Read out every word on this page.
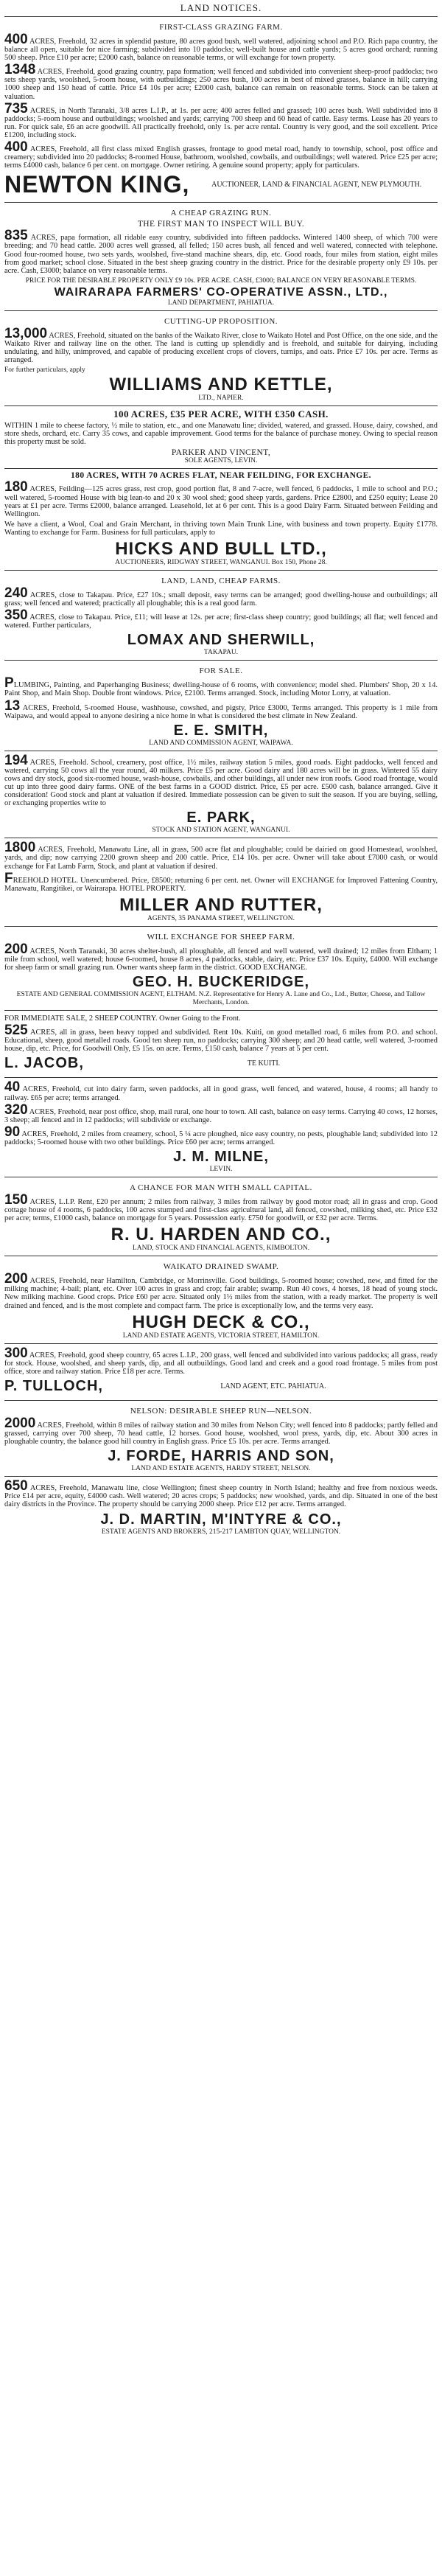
LAND NOTICES.
FIRST-CLASS GRAZING FARM.

400 ACRES, Freehold, 32 acres in splendid pasture, 80 acres good bush, well watered, adjoining school and P.O. Rich papa country, the balance all open, suitable for nice farming; subdivided into 10 paddocks; well-built house and cattle yards; 5 acres good orchard; running 500 sheep. Price £10 per acre; £2000 cash, balance on reasonable terms, or will exchange for town property.

1348 ACRES, Freehold, good grazing country, papa formation; well fenced and subdivided into convenient sheep-proof paddocks; two sets sheep yards, woolshed, 5-room house, with outbuildings; 250 acres bush, 100 acres in best of mixed grasses, balance in hill; carrying 1000 sheep and 150 head of cattle. Price £4 10s per acre; £2000 cash, balance can remain on reasonable terms. Stock can be taken at valuation.

735 ACRES, in North Taranaki, 3/8 acres L.I.P., at 1s. per acre; 400 acres felled and grassed; 100 acres bush. Well subdivided into 8 paddocks; 5-room house and outbuildings; woolshed and yards; carrying 700 sheep and 60 head of cattle. Easy terms. Lease has 20 years to run. For quick sale, £6 an acre goodwill. All practically freehold, only 1s. per acre rental. Country is very good, and the soil excellent. Price £1200, including stock.

400 ACRES, Freehold, all first class mixed English grasses, frontage to good metal road, handy to township, school, post office and creamery; subdivided into 20 paddocks; 8-roomed House, bathroom, woolshed, cowbails, and outbuildings; well watered. Price £25 per acre; terms £4000 cash, balance 6 per cent. on mortgage. Owner retiring. A genuine sound property; apply for particulars.

NEWTON KING,	AUCTIONEER, LAND & FINANCIAL AGENT, NEW PLYMOUTH.
A CHEAP GRAZING RUN.
THE FIRST MAN TO INSPECT WILL BUY.

835 ACRES, papa formation, all ridable easy country, subdivided into fifteen paddocks. Wintered 1400 sheep, of which 700 were breeding; and 70 head cattle. 2000 acres well grassed, all felled; 150 acres bush, all fenced and well watered, connected with telephone. Good four-roomed house, two sets yards, woolshed, five-stand machine shears, dip, etc. Good roads, four miles from station, eight miles from good market; school close. Situated in the best sheep grazing country in the district. Price for the desirable property only £9 10s. per acre. Cash, £3000; balance on very reasonable terms.

PRICE FOR THE DESIRABLE PROPERTY ONLY £9 10s. PER ACRE. CASH, £3000; BALANCE ON VERY REASONABLE TERMS.
WAIRARAPA FARMERS' CO-OPERATIVE ASSN., LTD.,
LAND DEPARTMENT, PAHIATUA.
CUTTING-UP PROPOSITION.

13,000 ACRES, Freehold, situated on the banks of the Waikato River, close to Waikato Hotel and Post Office, on the one side, and the Waikato River and railway line on the other. The land is cutting up splendidly and is freehold, and suitable for dairying, including undulating, and hilly, unimproved, and capable of producing excellent crops of clovers, turnips, and oats. Price £7 10s. per acre. Terms as arranged.

For further particulars, apply
WILLIAMS AND KETTLE,
LTD., NAPIER.
100 ACRES, £35 PER ACRE, WITH £350 CASH.

WITHIN 1 mile to cheese factory, ½ mile to station, etc., and one Manawatu line; divided, watered, and grassed. House, dairy, cowshed, and store sheds, orchard, etc. Carry 35 cows, and capable improvement. Good terms for the balance of purchase money. Owing to special reason this property must be sold.

PARKER AND VINCENT,
SOLE AGENTS, LEVIN.
180 ACRES, WITH 70 ACRES FLAT, NEAR FEILDING, FOR EXCHANGE.

180 ACRES, Feilding—125 acres grass, rest crop, good portion flat, 8 and 7-acre, well fenced, 6 paddocks, 1 mile to school and P.O.; well watered, 5-roomed House with big lean-to and 20 x 30 wool shed; good sheep yards, gardens. Price £2800, and £250 equity; Lease 20 years at £1 per acre. Terms £2000, balance arranged. Leasehold, let at 6 per cent. This is a good Dairy Farm. Situated between Feilding and Wellington.

We have a client, a Wool, Coal and Grain Merchant, in thriving town Main Trunk Line, with business and town property. Equity £1778. Wanting to exchange for Farm. Business for full particulars, apply to

HICKS AND BULL LTD.,
AUCTIONEERS, RIDGWAY STREET, WANGANUI. Box 150, Phone 28.
LAND, LAND, CHEAP FARMS.

240 ACRES, close to Takapau. Price, £27 10s.; small deposit, easy terms can be arranged; good dwelling-house and outbuildings; all grass; well fenced and watered; practically all ploughable; this is a real good farm.

350 ACRES, close to Takapau. Price, £11; will lease at 12s. per acre; first-class sheep country; good buildings; all flat; well fenced and watered. Further particulars,

LOMAX AND SHERWILL,
TAKAPAU.
FOR SALE.

PLUMBING, Painting, and Paperhanging Business; dwelling-house of 6 rooms, with convenience; model shed. Plumbers' Shop, 20 x 14. Paint Shop, and Main Shop. Double front windows. Price, £2100. Terms arranged. Stock, including Motor Lorry, at valuation.

13 ACRES, Freehold, 5-roomed House, washhouse, cowshed, and pigsty, Price £3000, Terms arranged. This property is 1 mile from Waipawa, and would appeal to anyone desiring a nice home in what is considered the best climate in New Zealand.

E. E. SMITH,
LAND AND COMMISSION AGENT, WAIPAWA.

194 ACRES, Freehold. School, creamery, post office, 1½ miles, railway station 5 miles, good roads. Eight paddocks, well fenced and watered, carrying 50 cows all the year round, 40 milkers. Price £5 per acre. Good dairy and 180 acres will be in grass. Wintered 55 dairy cows and dry stock, good six-roomed house, wash-house, cowbails, and other buildings, all under new iron roofs. Good road frontage, would cut up into three good dairy farms. ONE of the best farms in a GOOD district. Price, £5 per acre. £500 cash, balance arranged. Give it consideration! Good stock and plant at valuation if desired. Immediate possession can be given to suit the season. If you are buying, selling, or exchanging properties write to

E. PARK,
STOCK AND STATION AGENT, WANGANUI.

1800 ACRES, Freehold, Manawatu Line, all in grass, 500 acre flat and ploughable; could be dairied on good Homestead, woolshed, yards, and dip; now carrying 2200 grown sheep and 200 cattle. Price, £14 10s. per acre. Owner will take about £7000 cash, or would exchange for Fat Lamb Farm, Stock, and plant at valuation if desired.

FREEHOLD HOTEL. Unencumbered. Price, £8500; returning 6 per cent. net. Owner will EXCHANGE for Improved Fattening Country, Manawatu, Rangitikei, or Wairarapa. HOTEL PROPERTY.

MILLER AND RUTTER,
AGENTS, 35 PANAMA STREET, WELLINGTON.
WILL EXCHANGE FOR SHEEP FARM.

200 ACRES, North Taranaki, 30 acres shelter-bush, all ploughable, all fenced and well watered, well drained; 12 miles from Eltham; 1 mile from school, well watered; house 6-roomed, house 8 acres, 4 paddocks, stable, dairy, etc. Price £37 10s. Equity, £4000. Will exchange for sheep farm or small grazing run. Owner wants sheep farm in the district. GOOD EXCHANGE.

GEO. H. BUCKERIDGE,
ESTATE AND GENERAL COMMISSION AGENT, ELTHAM. N.Z. Representative for Henry A. Lane and Co., Ltd., Butter, Cheese, and Tallow Merchants, London.

FOR IMMEDIATE SALE, 2 SHEEP COUNTRY. Owner Going to the Front.

525 ACRES, all in grass, been heavy topped and subdivided. Rent 10s. Kuiti, on good metalled road, 6 miles from P.O. and school. Educational, sheep, good metalled roads. Good ten sheep run, no paddocks; carrying 300 sheep; and 20 head cattle, well watered, 3-roomed house, dip, etc. Price, for Goodwill Only, £5 15s. on acre. Terms, £150 cash, balance 7 years at 5 per cent.

L. JACOB,	TE KUITI.

40 ACRES, Freehold, cut into dairy farm, seven paddocks, all in good grass, well fenced, and watered, house, 4 rooms; all handy to railway. £65 per acre; terms arranged.

320 ACRES, Freehold, near post office, shop, mail rural, one hour to town. All cash, balance on easy terms. Carrying 40 cows, 12 horses, 3 sheep; all fenced and in 12 paddocks; will subdivide or exchange.

90 ACRES, Freehold, 2 miles from creamery, school, 5 ¼ acre ploughed, nice easy country, no pests, ploughable land; subdivided into 12 paddocks; 5-roomed house with two other buildings. Price £60 per acre; terms arranged.

J. M. MILNE,
LEVIN.
A CHANCE FOR MAN WITH SMALL CAPITAL.

150 ACRES, L.I.P. Rent, £20 per annum; 2 miles from railway, 3 miles from railway by good motor road; all in grass and crop. Good cottage house of 4 rooms, 6 paddocks, 100 acres stumped and first-class agricultural land, all fenced, cowshed, milking shed, etc. Price £32 per acre; terms, £1000 cash, balance on mortgage for 5 years. Possession early. £750 for goodwill, or £32 per acre. Terms.

R. U. HARDEN AND CO.,
LAND, STOCK AND FINANCIAL AGENTS, KIMBOLTON.
WAIKATO DRAINED SWAMP.

200 ACRES, Freehold, near Hamilton, Cambridge, or Morrinsville. Good buildings, 5-roomed house; cowshed, new, and fitted for the milking machine; 4-bail; plant, etc. Over 100 acres in grass and crop; fair arable; swamp. Run 40 cows, 4 horses, 18 head of young stock. New milking machine. Good crops. Price £60 per acre. Situated only 1½ miles from the station, with a ready market. The property is well drained and fenced, and is the most complete and compact farm. The price is exceptionally low, and the terms very easy.

HUGH DECK & CO.,
LAND AND ESTATE AGENTS, VICTORIA STREET, HAMILTON.

300 ACRES, Freehold, good sheep country, 65 acres L.I.P., 200 grass, well fenced and subdivided into various paddocks; all grass, ready for stock. House, woolshed, and sheep yards, dip, and all outbuildings. Good land and creek and a good road frontage. 5 miles from post office, store and railway station. Price £18 per acre. Terms.

P. TULLOCH,	LAND AGENT, ETC. PAHIATUA.
NELSON: DESIRABLE SHEEP RUN—NELSON.

2000 ACRES, Freehold, within 8 miles of railway station and 30 miles from Nelson City; well fenced into 8 paddocks; partly felled and grassed, carrying over 700 sheep, 70 head cattle, 12 horses. Good house, woolshed, wool press, yards, dip, etc. About 300 acres in ploughable country, the balance good hill country in English grass. Price £5 10s. per acre. Terms arranged.

J. FORDE, HARRIS AND SON,
LAND AND ESTATE AGENTS, HARDY STREET, NELSON.

650 ACRES, Freehold, Manawatu line, close Wellington; finest sheep country in North Island; healthy and free from noxious weeds. Price £14 per acre, equity, £4000 cash. Well watered; 20 acres crops; 5 paddocks; new woolshed, yards, and dip. Situated in one of the best dairy districts in the Province. The property should be carrying 2000 sheep. Price £12 per acre. Terms arranged.

J. D. MARTIN, M'INTYRE & CO.,
ESTATE AGENTS AND BROKERS, 215-217 LAMBTON QUAY, WELLINGTON.
